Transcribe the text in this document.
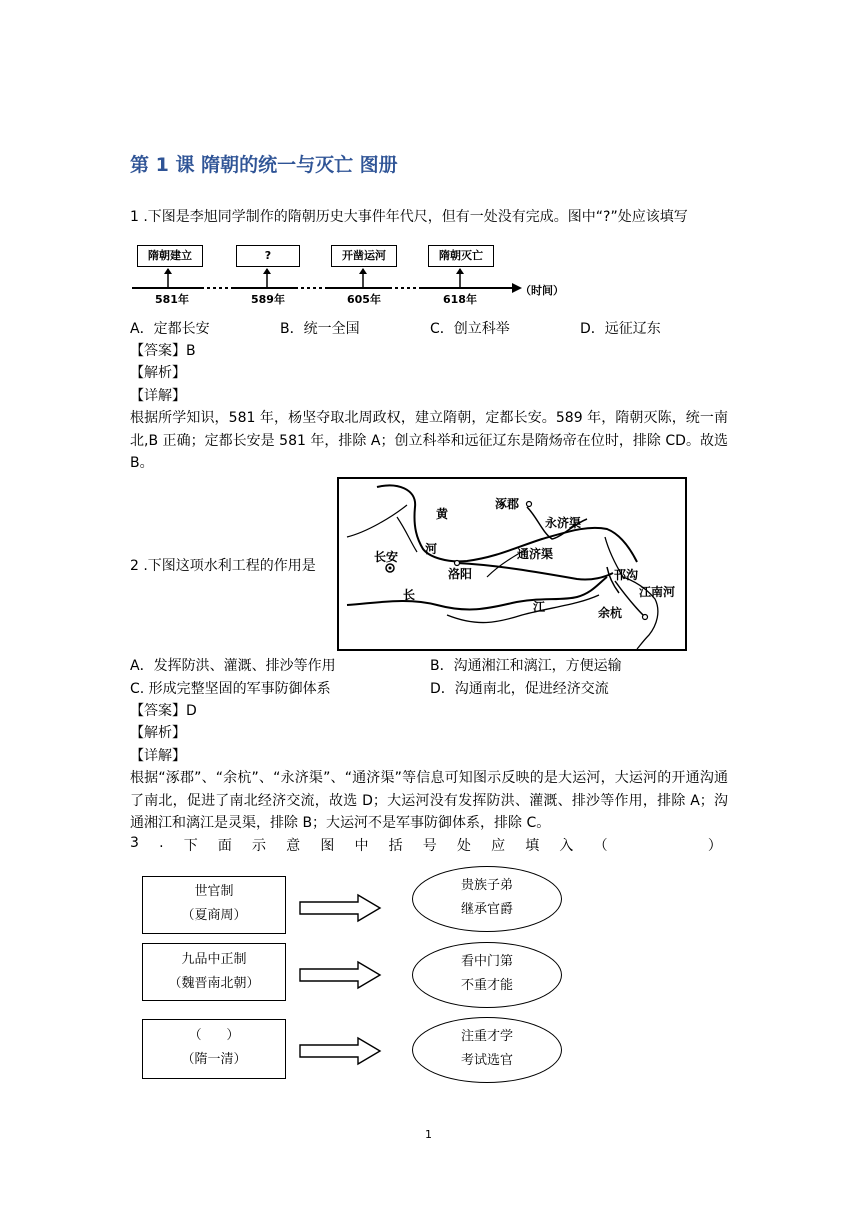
第 1 课 隋朝的统一与灭亡 图册
1 .下图是李旭同学制作的隋朝历史大事件年代尺，但有一处没有完成。图中“?”处应该填写
隋朝建立	?	开凿运河	隋朝灭亡
581年	589年	605年	618年
（时间）
A．定都长安	B．统一全国	C．创立科举	D．远征辽东
【答案】B
【解析】
【详解】
根据所学知识，581 年，杨坚夺取北周政权，建立隋朝，定都长安。589 年，隋朝灭陈，统一南北,B 正确；定都长安是 581 年，排除 A；创立科举和远征辽东是隋炀帝在位时，排除 CD。故选 B。
2 .下图这项水利工程的作用是
涿郡
永济渠
黄
河
长安	通济渠
洛阳	邗沟
江南河
长
江	余杭
A．发挥防洪、灌溉、排沙等作用	B．沟通湘江和漓江，方便运输
C. 形成完整坚固的军事防御体系	D．沟通南北，促进经济交流
【答案】D
【解析】
【详解】
根据“涿郡”、“余杭”、“永济渠”、“通济渠”等信息可知图示反映的是大运河，大运河的开通沟通了南北，促进了南北经济交流，故选 D；大运河没有发挥防洪、灌溉、排沙等作用，排除 A；沟通湘江和漓江是灵渠，排除 B；大运河不是军事防御体系，排除 C。
3 . 下 面 示 意 图 中 括 号 处 应 填 入 （	）
世官制
（夏商周）
贵族子弟
继承官爵
九品中正制
（魏晋南北朝）
看中门第
不重才能
（      ）
（隋一清）
注重才学
考试选官
1
